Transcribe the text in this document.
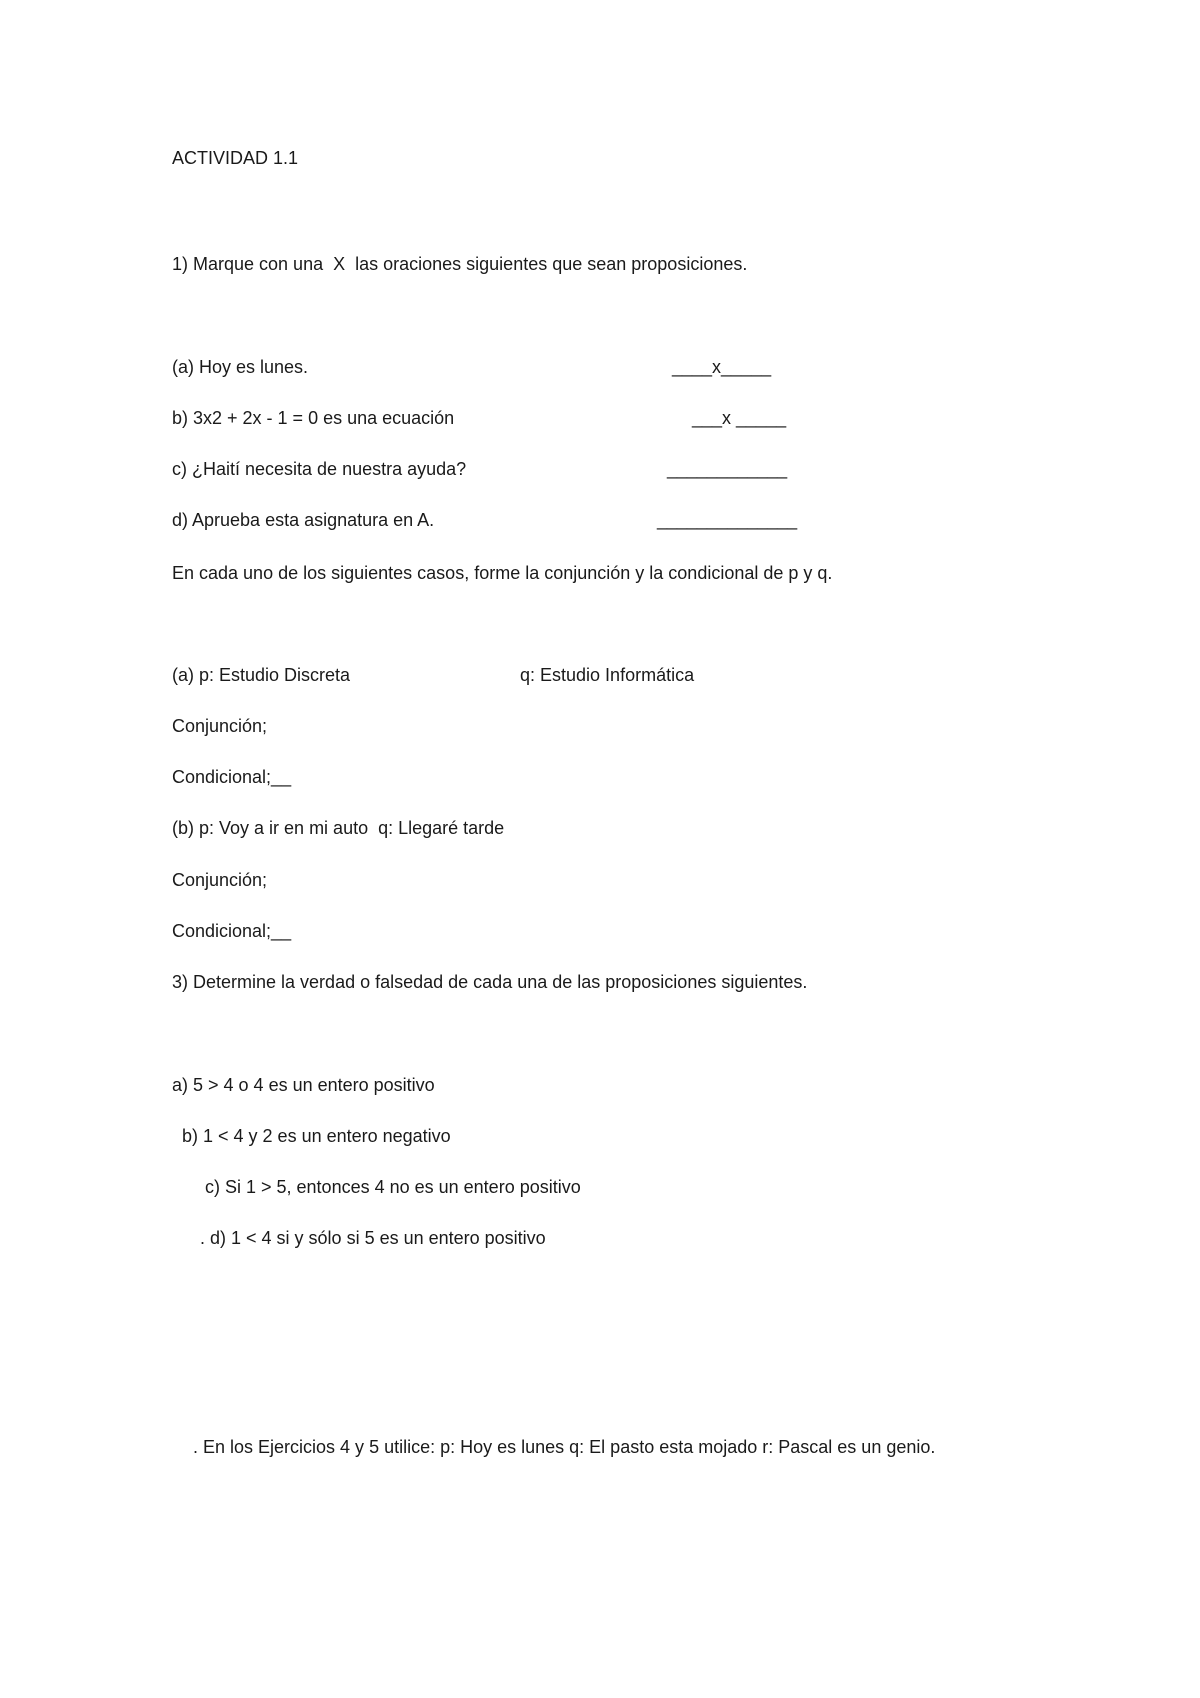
ACTIVIDAD 1.1
1) Marque con una  X  las oraciones siguientes que sean proposiciones.
(a) Hoy es lunes.	____x_____
b) 3x2 + 2x - 1 = 0 es una ecuación	___x _____
c) ¿Haití necesita de nuestra ayuda?	____________
d) Aprueba esta asignatura en A.	______________
En cada uno de los siguientes casos, forme la conjunción y la condicional de p y q.
(a) p: Estudio Discreta	q: Estudio Informática
Conjunción;
Condicional;__
(b) p: Voy a ir en mi auto  q: Llegaré tarde
Conjunción;
Condicional;__
3) Determine la verdad o falsedad de cada una de las proposiciones siguientes.
a) 5 > 4 o 4 es un entero positivo
b) 1 < 4 y 2 es un entero negativo
c) Si 1 > 5, entonces 4 no es un entero positivo
. d) 1 < 4 si y sólo si 5 es un entero positivo
. En los Ejercicios 4 y 5 utilice: p: Hoy es lunes q: El pasto esta mojado r: Pascal es un genio.
